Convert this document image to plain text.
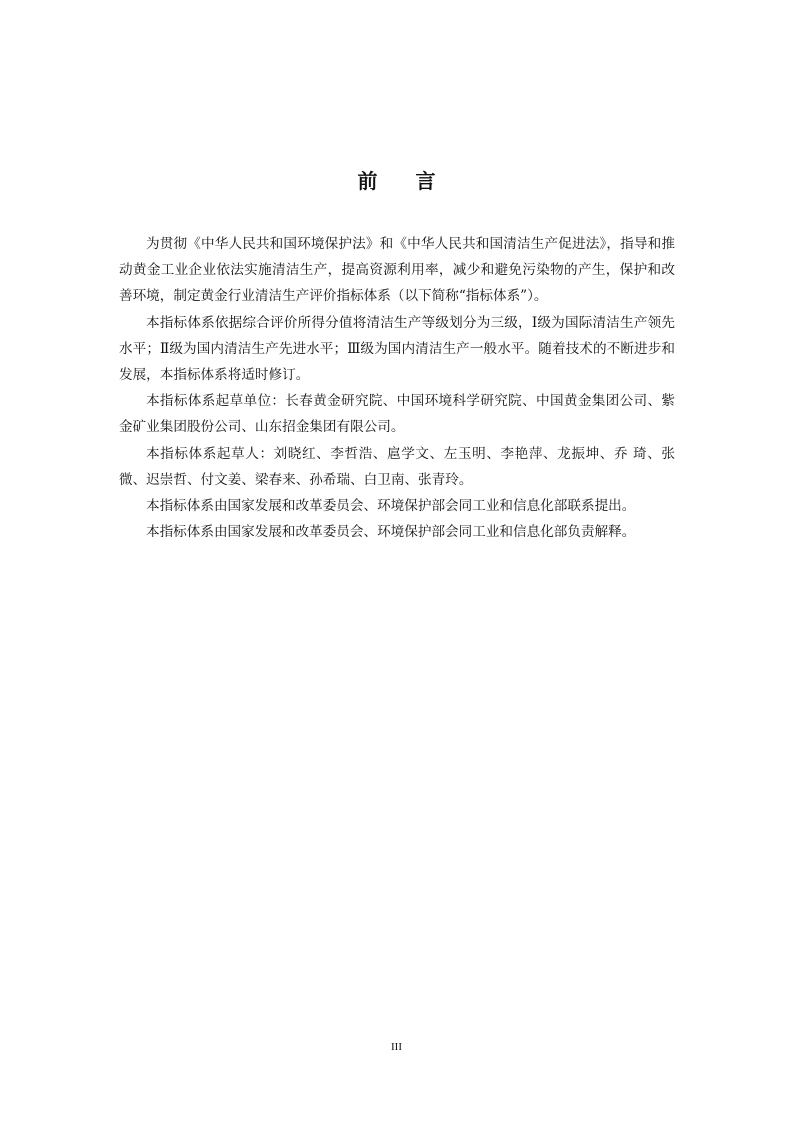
前 言

为贯彻《中华人民共和国环境保护法》和《中华人民共和国清洁生产促进法》，指导和推动黄金工业企业依法实施清洁生产，提高资源利用率，减少和避免污染物的产生，保护和改善环境，制定黄金行业清洁生产评价指标体系（以下简称“指标体系”）。

本指标体系依据综合评价所得分值将清洁生产等级划分为三级，Ⅰ级为国际清洁生产领先水平；Ⅱ级为国内清洁生产先进水平；Ⅲ级为国内清洁生产一般水平。随着技术的不断进步和发展，本指标体系将适时修订。

本指标体系起草单位：长春黄金研究院、中国环境科学研究院、中国黄金集团公司、紫金矿业集团股份公司、山东招金集团有限公司。

本指标体系起草人：刘晓红、李哲浩、扈学文、左玉明、李艳萍、龙振坤、乔 琦、张 微、迟崇哲、付文姜、梁春来、孙希瑞、白卫南、张青玲。

本指标体系由国家发展和改革委员会、环境保护部会同工业和信息化部联系提出。

本指标体系由国家发展和改革委员会、环境保护部会同工业和信息化部负责解释。

III
